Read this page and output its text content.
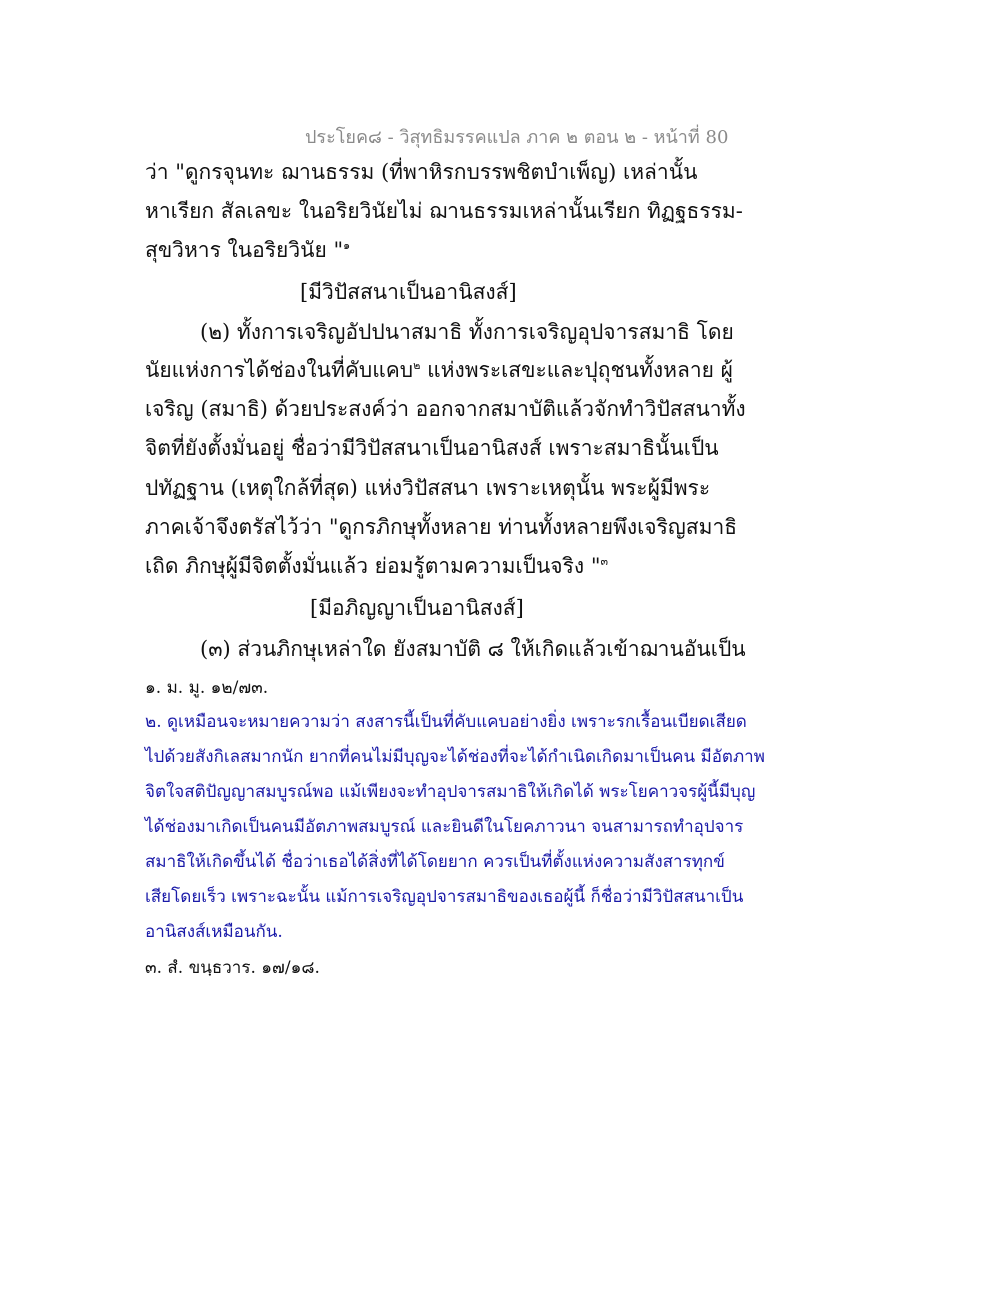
ประโยค๘ - วิสุทธิมรรคแปล ภาค ๒ ตอน ๒ - หน้าที่ 80
ว่า "ดูกรจุนทะ ฌานธรรม (ที่พาหิรกบรรพชิตบำเพ็ญ) เหล่านั้น
หาเรียก สัลเลขะ ในอริยวินัยไม่ ฌานธรรมเหล่านั้นเรียก ทิฏฐธรรม-
สุขวิหาร ในอริยวินัย "$^๑$
[มีวิปัสสนาเป็นอานิสงส์]
(๒) ทั้งการเจริญอัปปนาสมาธิ ทั้งการเจริญอุปจารสมาธิ โดย
นัยแห่งการได้ช่องในที่คับแคบ$^๒$ แห่งพระเสขะและปุถุชนทั้งหลาย ผู้
เจริญ (สมาธิ) ด้วยประสงค์ว่า ออกจากสมาบัติแล้วจักทำวิปัสสนาทั้ง
จิตที่ยังตั้งมั่นอยู่ ชื่อว่ามีวิปัสสนาเป็นอานิสงส์ เพราะสมาธินั้นเป็น
ปทัฏฐาน (เหตุใกล้ที่สุด) แห่งวิปัสสนา เพราะเหตุนั้น พระผู้มีพระ
ภาคเจ้าจึงตรัสไว้ว่า "ดูกรภิกษุทั้งหลาย ท่านทั้งหลายพึงเจริญสมาธิ
เถิด ภิกษุผู้มีจิตตั้งมั่นแล้ว ย่อมรู้ตามความเป็นจริง "$^๓$
[มีอภิญญาเป็นอานิสงส์]
(๓) ส่วนภิกษุเหล่าใด ยังสมาบัติ ๘ ให้เกิดแล้วเข้าฌานอันเป็น
๑. ม. มู. ๑๒/๗๓.
๒. ดูเหมือนจะหมายความว่า สงสารนี้เป็นที่คับแคบอย่างยิ่ง เพราะรกเรื้อนเบียดเสียด
ไปด้วยสังกิเลสมากนัก ยากที่คนไม่มีบุญจะได้ช่องที่จะได้กำเนิดเกิดมาเป็นคน มีอัตภาพ
จิตใจสติปัญญาสมบูรณ์พอ แม้เพียงจะทำอุปจารสมาธิให้เกิดได้ พระโยคาวจรผู้นี้มีบุญ
ได้ช่องมาเกิดเป็นคนมีอัตภาพสมบูรณ์ และยินดีในโยคภาวนา จนสามารถทำอุปจาร
สมาธิให้เกิดขึ้นได้ ชื่อว่าเธอได้สิ่งที่ได้โดยยาก ควรเป็นที่ตั้งแห่งความสังสารทุกข์
เสียโดยเร็ว เพราะฉะนั้น แม้การเจริญอุปจารสมาธิของเธอผู้นี้ ก็ชื่อว่ามีวิปัสสนาเป็น
อานิสงส์เหมือนกัน.
๓. สํ. ขนฺธวาร. ๑๗/๑๘.
